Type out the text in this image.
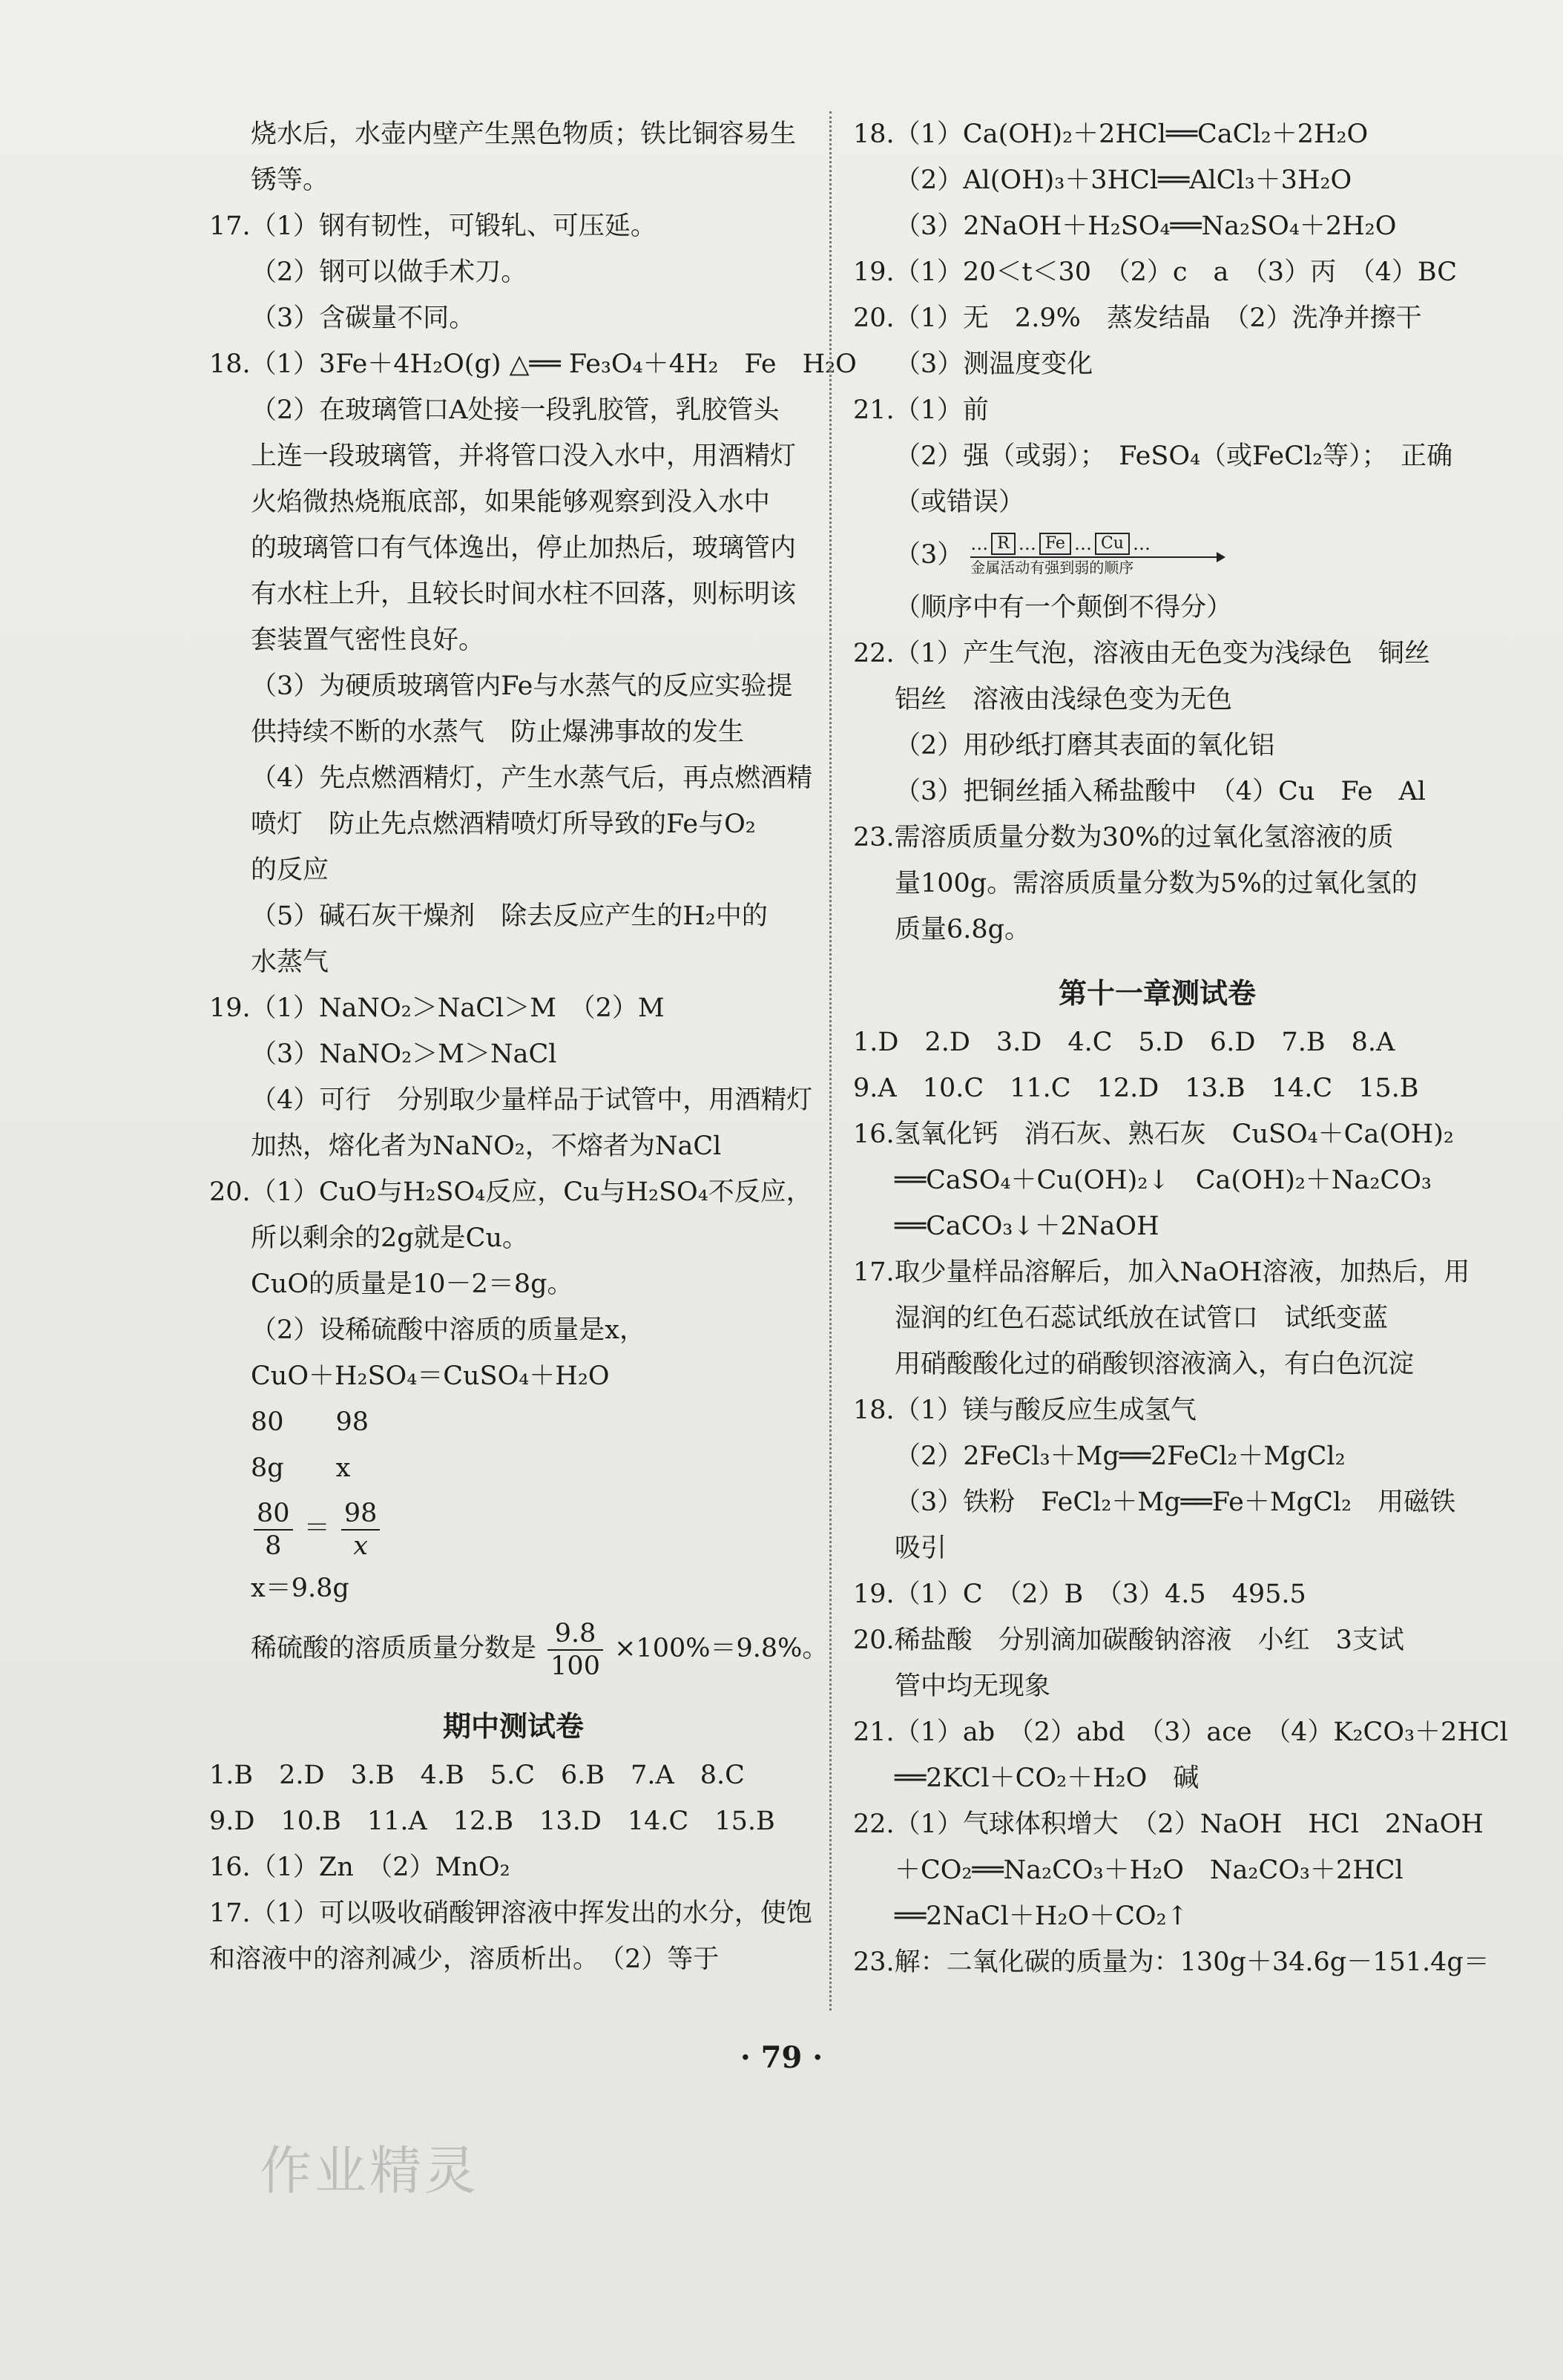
烧水后，水壶内壁产生黑色物质；铁比铜容易生
锈等。
17.（1）钢有韧性，可锻轧、可压延。
（2）钢可以做手术刀。
（3）含碳量不同。
18.（1）3Fe＋4H₂O(g) △══ Fe₃O₄＋4H₂　Fe　H₂O
（2）在玻璃管口A处接一段乳胶管，乳胶管头
上连一段玻璃管，并将管口没入水中，用酒精灯
火焰微热烧瓶底部，如果能够观察到没入水中
的玻璃管口有气体逸出，停止加热后，玻璃管内
有水柱上升，且较长时间水柱不回落，则标明该
套装置气密性良好。
（3）为硬质玻璃管内Fe与水蒸气的反应实验提
供持续不断的水蒸气　防止爆沸事故的发生
（4）先点燃酒精灯，产生水蒸气后，再点燃酒精
喷灯　防止先点燃酒精喷灯所导致的Fe与O₂
的反应
（5）碱石灰干燥剂　除去反应产生的H₂中的
水蒸气
19.（1）NaNO₂＞NaCl＞M　（2）M
（3）NaNO₂＞M＞NaCl
（4）可行　分别取少量样品于试管中，用酒精灯
加热，熔化者为NaNO₂，不熔者为NaCl
20.（1）CuO与H₂SO₄反应，Cu与H₂SO₄不反应，
所以剩余的2g就是Cu。
CuO的质量是10－2＝8g。
（2）设稀硫酸中溶质的质量是x，
CuO＋H₂SO₄＝CuSO₄＋H₂O
80　　98
8g　　x
$\frac{80}{8} = \frac{98}{x}$
x＝9.8g
稀硫酸的溶质质量分数是 $\frac{9.8}{100} \times 100\%=9.8\%$。
期中测试卷
1.B　2.D　3.B　4.B　5.C　6.B　7.A　8.C
9.D　10.B　11.A　12.B　13.D　14.C　15.B
16.（1）Zn　（2）MnO₂
17.（1）可以吸收硝酸钾溶液中挥发出的水分，使饱
和溶液中的溶剂减少，溶质析出。　（2）等于
18.（1）Ca(OH)₂＋2HCl══CaCl₂＋2H₂O
（2）Al(OH)₃＋3HCl══AlCl₃＋3H₂O
（3）2NaOH＋H₂SO₄══Na₂SO₄＋2H₂O
19.（1）20＜t＜30　（2）c　a　（3）丙　（4）BC
20.（1）无　2.9%　蒸发结晶　（2）洗净并擦干
（3）测温度变化
21.（1）前
（2）强（或弱）；　FeSO₄（或FeCl₂等）；　正确
（或错误）
（3） … R … Fe … Cu …
金属活动有强到弱的顺序
（顺序中有一个颠倒不得分）
22.（1）产生气泡，溶液由无色变为浅绿色　铜丝
铝丝　溶液由浅绿色变为无色
（2）用砂纸打磨其表面的氧化铝
（3）把铜丝插入稀盐酸中　（4）Cu　Fe　Al
23.需溶质质量分数为30%的过氧化氢溶液的质
量100g。需溶质质量分数为5%的过氧化氢的
质量6.8g。
第十一章测试卷
1.D　2.D　3.D　4.C　5.D　6.D　7.B　8.A
9.A　10.C　11.C　12.D　13.B　14.C　15.B
16.氢氧化钙　消石灰、熟石灰　CuSO₄＋Ca(OH)₂
══CaSO₄＋Cu(OH)₂↓　Ca(OH)₂＋Na₂CO₃
══CaCO₃↓＋2NaOH
17.取少量样品溶解后，加入NaOH溶液，加热后，用
湿润的红色石蕊试纸放在试管口　试纸变蓝
用硝酸酸化过的硝酸钡溶液滴入，有白色沉淀
18.（1）镁与酸反应生成氢气
（2）2FeCl₃＋Mg══2FeCl₂＋MgCl₂
（3）铁粉　FeCl₂＋Mg══Fe＋MgCl₂　用磁铁
吸引
19.（1）C　（2）B　（3）4.5　495.5
20.稀盐酸　分别滴加碳酸钠溶液　小红　3支试
管中均无现象
21.（1）ab　（2）abd　（3）ace　（4）K₂CO₃＋2HCl
══2KCl＋CO₂＋H₂O　碱
22.（1）气球体积增大　（2）NaOH　HCl　2NaOH
＋CO₂══Na₂CO₃＋H₂O　Na₂CO₃＋2HCl
══2NaCl＋H₂O＋CO₂↑
23.解：二氧化碳的质量为：130g＋34.6g－151.4g＝
· 79 ·
作业精灵
